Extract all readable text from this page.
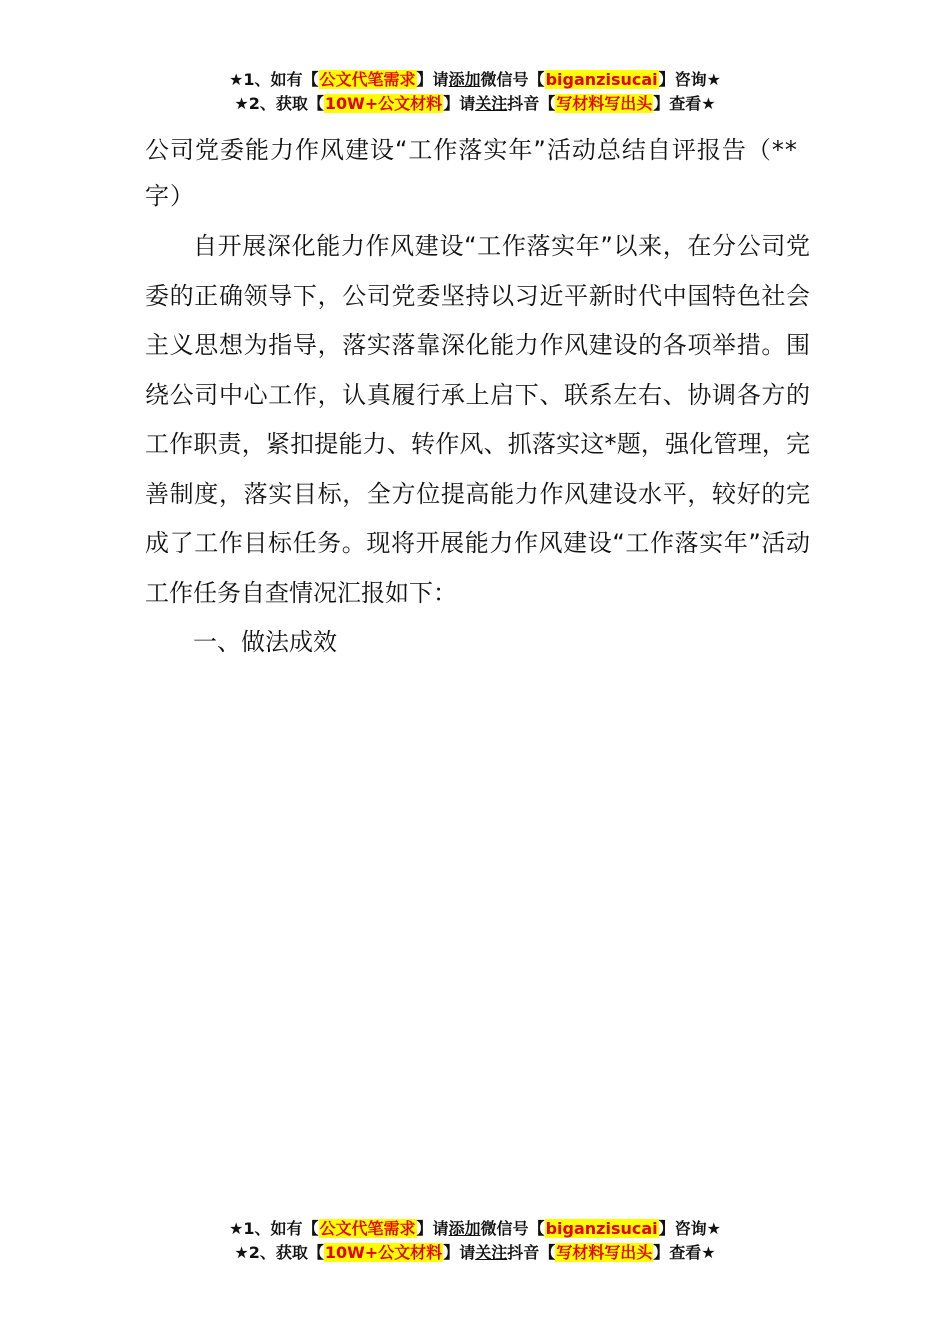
★1、如有【公文代笔需求】请添加微信号【biganzisucai】咨询★
★2、获取【10W+公文材料】请关注抖音【写材料写出头】查看★
公司党委能力作风建设“工作落实年”活动总结自评报告（**字）

自开展深化能力作风建设“工作落实年”以来，在分公司党委的正确领导下，公司党委坚持以习近平新时代中国特色社会主义思想为指导，落实落靠深化能力作风建设的各项举措。围绕公司中心工作，认真履行承上启下、联系左右、协调各方的工作职责，紧扣提能力、转作风、抓落实这*题，强化管理，完善制度，落实目标，全方位提高能力作风建设水平，较好的完成了工作目标任务。现将开展能力作风建设“工作落实年”活动工作任务自查情况汇报如下：

一、做法成效

★1、如有【公文代笔需求】请添加微信号【biganzisucai】咨询★
★2、获取【10W+公文材料】请关注抖音【写材料写出头】查看★
